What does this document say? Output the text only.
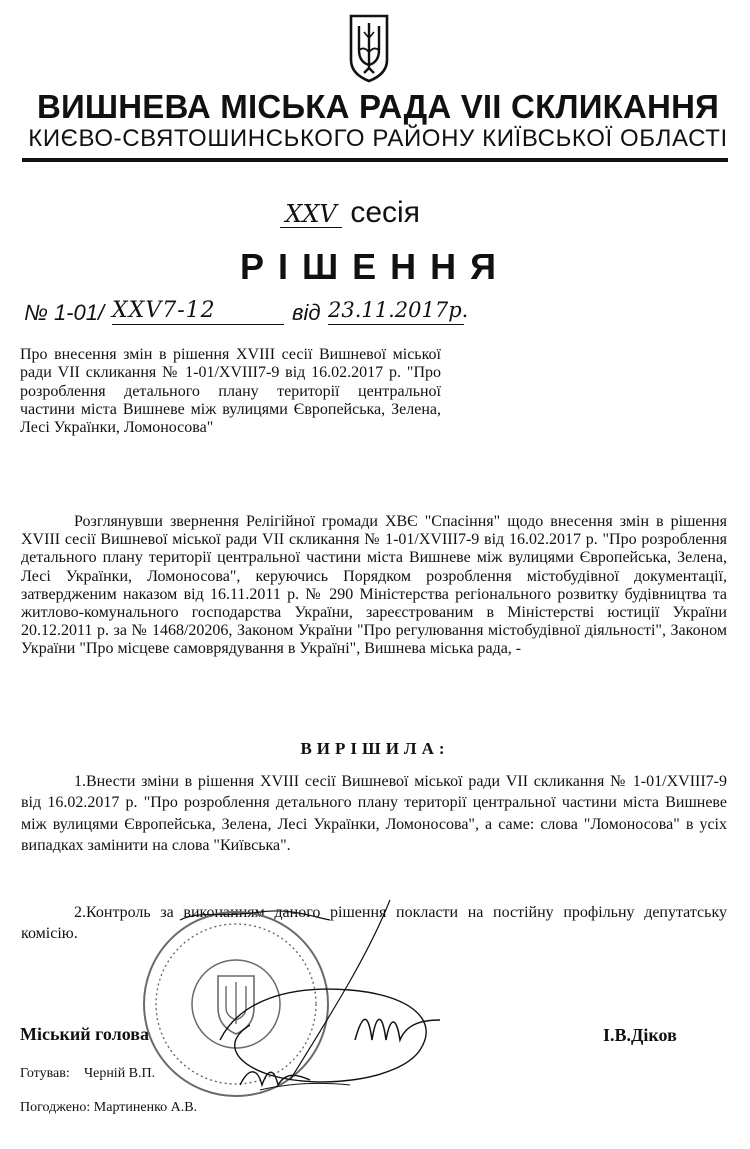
ВИШНЕВА МІСЬКА РАДА VII СКЛИКАННЯ
КИЄВО-СВЯТОШИНСЬКОГО РАЙОНУ КИЇВСЬКОЇ ОБЛАСТІ
XXV сесія
РІШЕННЯ
№ 1-01/ XXV7-12	від 23.11.2017р.
Про внесення змін в рішення XVIII сесії Вишневої міської ради VII скликання № 1-01/XVIII7-9 від 16.02.2017 р. "Про розроблення детального плану території центральної частини міста Вишневе між вулицями Європейська, Зелена, Лесі Українки, Ломоносова"
Розглянувши звернення Релігійної громади ХВЄ "Спасіння" щодо внесення змін в рішення XVIII сесії Вишневої міської ради VII скликання № 1-01/XVIII7-9 від 16.02.2017 р. "Про розроблення детального плану території центральної частини міста Вишневе між вулицями Європейська, Зелена, Лесі Українки, Ломоносова", керуючись Порядком розроблення містобудівної документації, затвердженим наказом від 16.11.2011 р. № 290 Міністерства регіонального розвитку будівництва та житлово-комунального господарства України, зареєстрованим в Міністерстві юстиції України 20.12.2011 р. за № 1468/20206, Законом України "Про регулювання містобудівної діяльності", Законом України "Про місцеве самоврядування в Україні", Вишнева міська рада, -
ВИРІШИЛА:
1.Внести зміни в рішення XVIII сесії Вишневої міської ради VII скликання № 1-01/XVIII7-9 від 16.02.2017 р. "Про розроблення детального плану території центральної частини міста Вишневе між вулицями Європейська, Зелена, Лесі Українки, Ломоносова", а саме: слова "Ломоносова" в усіх випадках замінити на слова "Київська".
2.Контроль за виконанням даного рішення покласти на постійну профільну депутатську комісію.
Міський голова	І.В.Діков
Готував: Черній В.П.
Погоджено: Мартиненко А.В.
